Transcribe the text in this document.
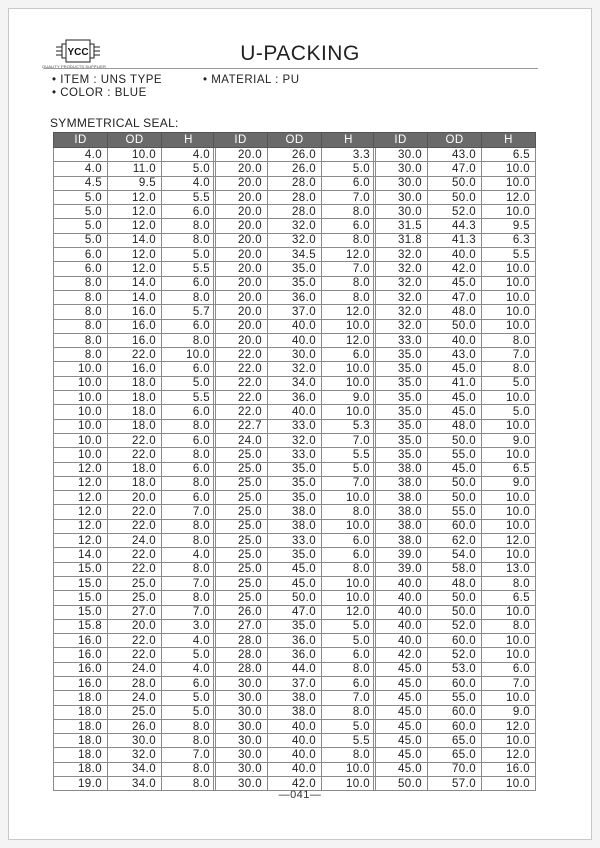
YCC
QUALITY PRODUCTS SUPPLIER
U-PACKING
• ITEM : UNS TYPE	• MATERIAL : PU
• COLOR : BLUE
SYMMETRICAL SEAL:
ID	OD	H
4.0	10.0	4.0
4.0	11.0	5.0
4.5	9.5	4.0
5.0	12.0	5.5
5.0	12.0	6.0
5.0	12.0	8.0
5.0	14.0	8.0
6.0	12.0	5.0
6.0	12.0	5.5
8.0	14.0	6.0
8.0	14.0	8.0
8.0	16.0	5.7
8.0	16.0	6.0
8.0	16.0	8.0
8.0	22.0	10.0
10.0	16.0	6.0
10.0	18.0	5.0
10.0	18.0	5.5
10.0	18.0	6.0
10.0	18.0	8.0
10.0	22.0	6.0
10.0	22.0	8.0
12.0	18.0	6.0
12.0	18.0	8.0
12.0	20.0	6.0
12.0	22.0	7.0
12.0	22.0	8.0
12.0	24.0	8.0
14.0	22.0	4.0
15.0	22.0	8.0
15.0	25.0	7.0
15.0	25.0	8.0
15.0	27.0	7.0
15.8	20.0	3.0
16.0	22.0	4.0
16.0	22.0	5.0
16.0	24.0	4.0
16.0	28.0	6.0
18.0	24.0	5.0
18.0	25.0	5.0
18.0	26.0	8.0
18.0	30.0	8.0
18.0	32.0	7.0
18.0	34.0	8.0
19.0	34.0	8.0
ID	OD	H
20.0	26.0	3.3
20.0	26.0	5.0
20.0	28.0	6.0
20.0	28.0	7.0
20.0	28.0	8.0
20.0	32.0	6.0
20.0	32.0	8.0
20.0	34.5	12.0
20.0	35.0	7.0
20.0	35.0	8.0
20.0	36.0	8.0
20.0	37.0	12.0
20.0	40.0	10.0
20.0	40.0	12.0
22.0	30.0	6.0
22.0	32.0	10.0
22.0	34.0	10.0
22.0	36.0	9.0
22.0	40.0	10.0
22.7	33.0	5.3
24.0	32.0	7.0
25.0	33.0	5.5
25.0	35.0	5.0
25.0	35.0	7.0
25.0	35.0	10.0
25.0	38.0	8.0
25.0	38.0	10.0
25.0	33.0	6.0
25.0	35.0	6.0
25.0	45.0	8.0
25.0	45.0	10.0
25.0	50.0	10.0
26.0	47.0	12.0
27.0	35.0	5.0
28.0	36.0	5.0
28.0	36.0	6.0
28.0	44.0	8.0
30.0	37.0	6.0
30.0	38.0	7.0
30.0	38.0	8.0
30.0	40.0	5.0
30.0	40.0	5.5
30.0	40.0	8.0
30.0	40.0	10.0
30.0	42.0	10.0
ID	OD	H
30.0	43.0	6.5
30.0	47.0	10.0
30.0	50.0	10.0
30.0	50.0	12.0
30.0	52.0	10.0
31.5	44.3	9.5
31.8	41.3	6.3
32.0	40.0	5.5
32.0	42.0	10.0
32.0	45.0	10.0
32.0	47.0	10.0
32.0	48.0	10.0
32.0	50.0	10.0
33.0	40.0	8.0
35.0	43.0	7.0
35.0	45.0	8.0
35.0	41.0	5.0
35.0	45.0	10.0
35.0	45.0	5.0
35.0	48.0	10.0
35.0	50.0	9.0
35.0	55.0	10.0
38.0	45.0	6.5
38.0	50.0	9.0
38.0	50.0	10.0
38.0	55.0	10.0
38.0	60.0	10.0
38.0	62.0	12.0
39.0	54.0	10.0
39.0	58.0	13.0
40.0	48.0	8.0
40.0	50.0	6.5
40.0	50.0	10.0
40.0	52.0	8.0
40.0	60.0	10.0
42.0	52.0	10.0
45.0	53.0	6.0
45.0	60.0	7.0
45.0	55.0	10.0
45.0	60.0	9.0
45.0	60.0	12.0
45.0	65.0	10.0
45.0	65.0	12.0
45.0	70.0	16.0
50.0	57.0	10.0
—041—
